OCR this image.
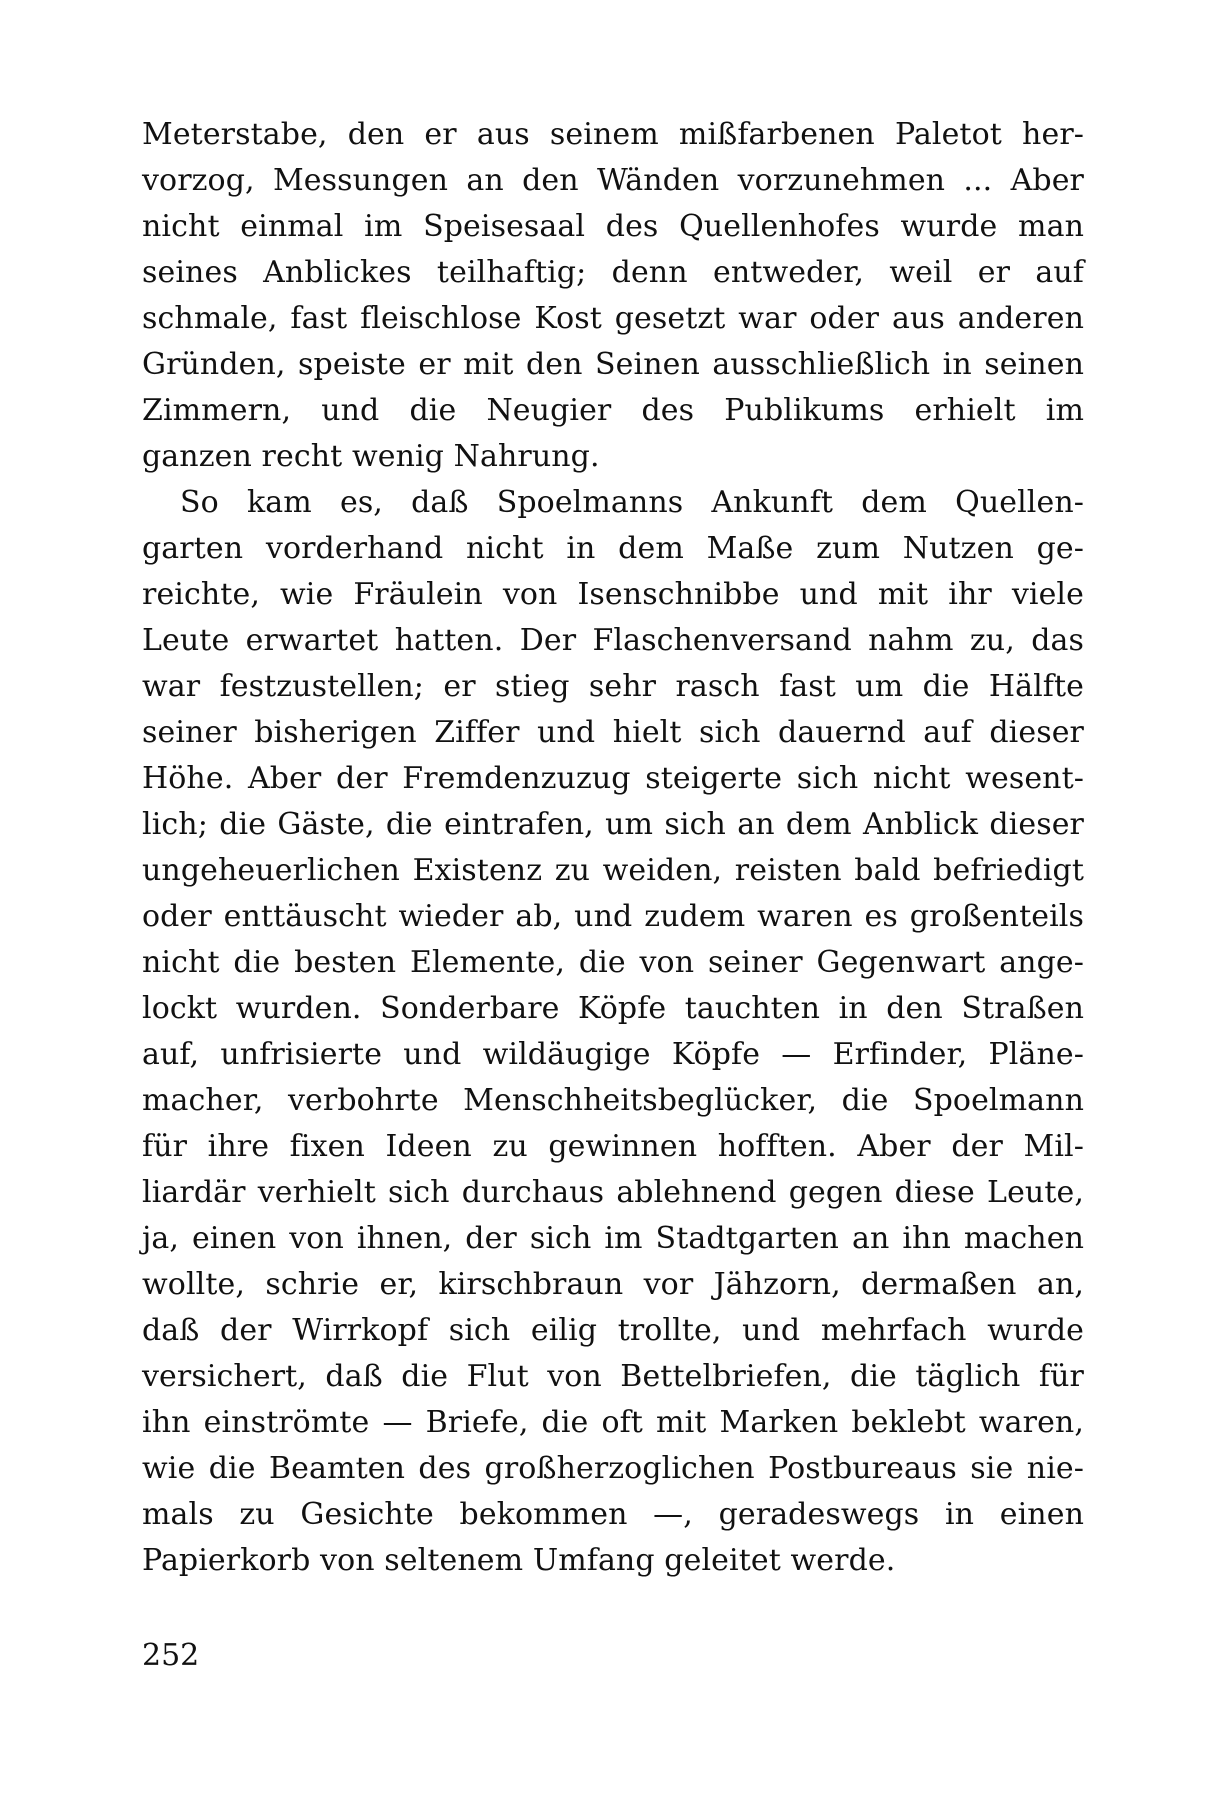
Meterstabe, den er aus seinem mißfarbenen Paletot her-
vorzog, Messungen an den Wänden vorzunehmen ... Aber
nicht einmal im Speisesaal des Quellenhofes wurde man
seines Anblickes teilhaftig; denn entweder, weil er auf
schmale, fast fleischlose Kost gesetzt war oder aus anderen
Gründen, speiste er mit den Seinen ausschließlich in seinen
Zimmern, und die Neugier des Publikums erhielt im
ganzen recht wenig Nahrung.
So kam es, daß Spoelmanns Ankunft dem Quellen-
garten vorderhand nicht in dem Maße zum Nutzen ge-
reichte, wie Fräulein von Isenschnibbe und mit ihr viele
Leute erwartet hatten. Der Flaschenversand nahm zu, das
war festzustellen; er stieg sehr rasch fast um die Hälfte
seiner bisherigen Ziffer und hielt sich dauernd auf dieser
Höhe. Aber der Fremdenzuzug steigerte sich nicht wesent-
lich; die Gäste, die eintrafen, um sich an dem Anblick dieser
ungeheuerlichen Existenz zu weiden, reisten bald befriedigt
oder enttäuscht wieder ab, und zudem waren es großenteils
nicht die besten Elemente, die von seiner Gegenwart ange-
lockt wurden. Sonderbare Köpfe tauchten in den Straßen
auf, unfrisierte und wildäugige Köpfe — Erfinder, Pläne-
macher, verbohrte Menschheitsbeglücker, die Spoelmann
für ihre fixen Ideen zu gewinnen hofften. Aber der Mil-
liardär verhielt sich durchaus ablehnend gegen diese Leute,
ja, einen von ihnen, der sich im Stadtgarten an ihn machen
wollte, schrie er, kirschbraun vor Jähzorn, dermaßen an,
daß der Wirrkopf sich eilig trollte, und mehrfach wurde
versichert, daß die Flut von Bettelbriefen, die täglich für
ihn einströmte — Briefe, die oft mit Marken beklebt waren,
wie die Beamten des großherzoglichen Postbureaus sie nie-
mals zu Gesichte bekommen —, geradeswegs in einen
Papierkorb von seltenem Umfang geleitet werde.
252
